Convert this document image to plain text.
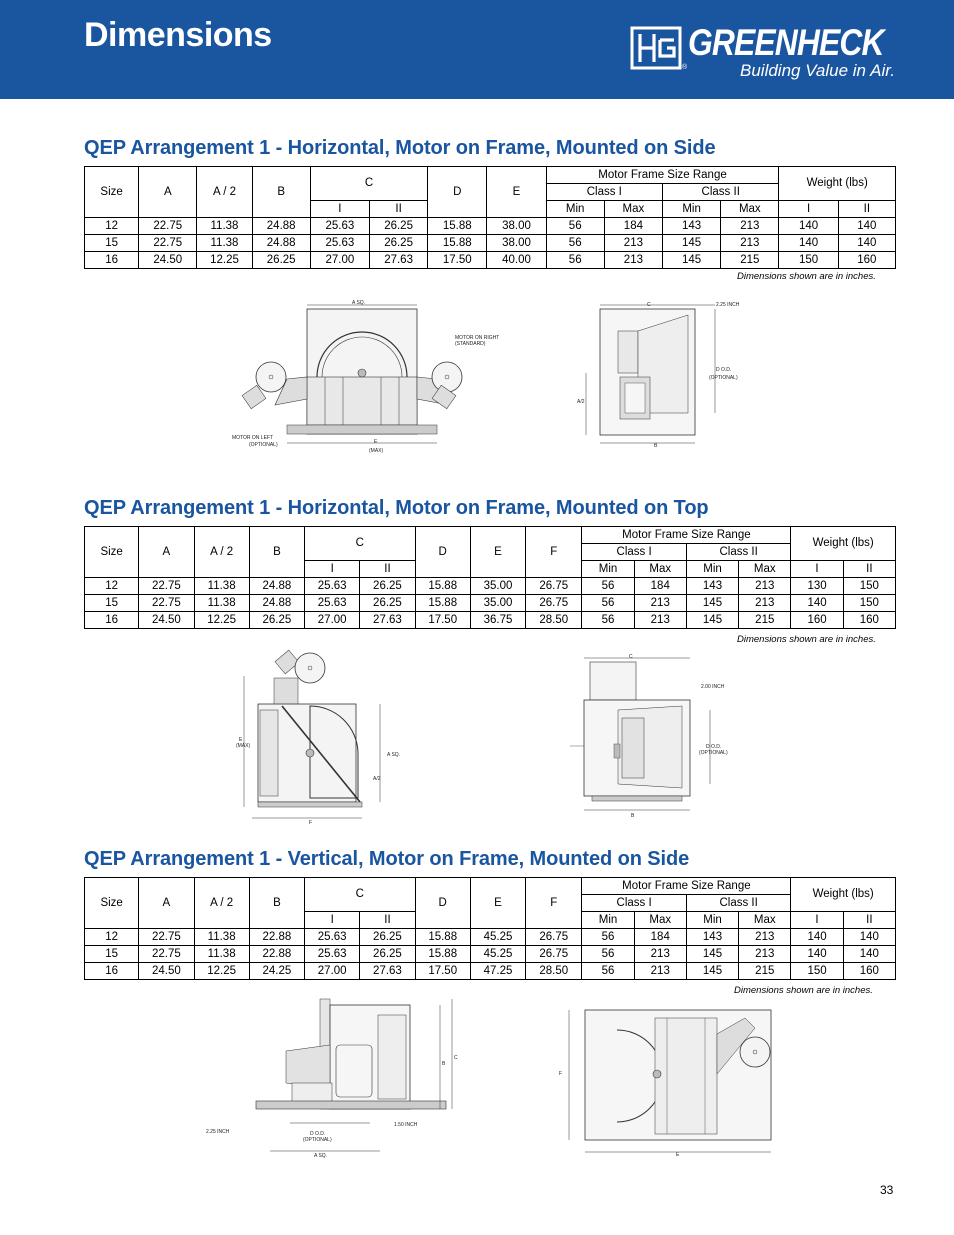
Dimensions	GREENHECK
®	Building Value in Air.
QEP Arrangement 1 - Horizontal, Motor on Frame, Mounted on Side
Size	A	A / 2	B	C		D	E	Motor Frame Size Range				Weight (lbs)	
								Class I		Class II			
				I	II			Min	Max	Min	Max	I	II
12	22.75	11.38	24.88	25.63	26.25	15.88	38.00	56	184	143	213	140	140
15	22.75	11.38	24.88	25.63	26.25	15.88	38.00	56	213	145	213	140	140
16	24.50	12.25	26.25	27.00	27.63	17.50	40.00	56	213	145	215	150	160
Dimensions shown are in inches.
A SQ.
E
(MAX)
MOTOR ON RIGHT
(STANDARD)
MOTOR ON LEFT
(OPTIONAL)
C	2.25 INCH
D O.D.
(OPTIONAL)
A/2
B
QEP Arrangement 1 - Horizontal, Motor on Frame, Mounted on Top
Size	A	A / 2	B	C		D	E	F	Motor Frame Size Range				Weight (lbs)	
									Class I		Class II			
				I	II				Min	Max	Min	Max	I	II
12	22.75	11.38	24.88	25.63	26.25	15.88	35.00	26.75	56	184	143	213	130	150
15	22.75	11.38	24.88	25.63	26.25	15.88	35.00	26.75	56	213	145	213	140	150
16	24.50	12.25	26.25	27.00	27.63	17.50	36.75	28.50	56	213	145	215	160	160
Dimensions shown are in inches.
E
(MAX)
A SQ.
A/2
F
C
2.00 INCH
D O.D.
(OPTIONAL)
B
QEP Arrangement 1 - Vertical, Motor on Frame, Mounted on Side
Size	A	A / 2	B	C		D	E	F	Motor Frame Size Range				Weight (lbs)	
									Class I		Class II			
				I	II				Min	Max	Min	Max	I	II
12	22.75	11.38	22.88	25.63	26.25	15.88	45.25	26.75	56	184	143	213	140	140
15	22.75	11.38	22.88	25.63	26.25	15.88	45.25	26.75	56	213	145	213	140	140
16	24.50	12.25	24.25	27.00	27.63	17.50	47.25	28.50	56	213	145	215	150	160
Dimensions shown are in inches.
B
C
2.25 INCH
1.50 INCH
D O.D.
(OPTIONAL)
A SQ.
F
E
33
